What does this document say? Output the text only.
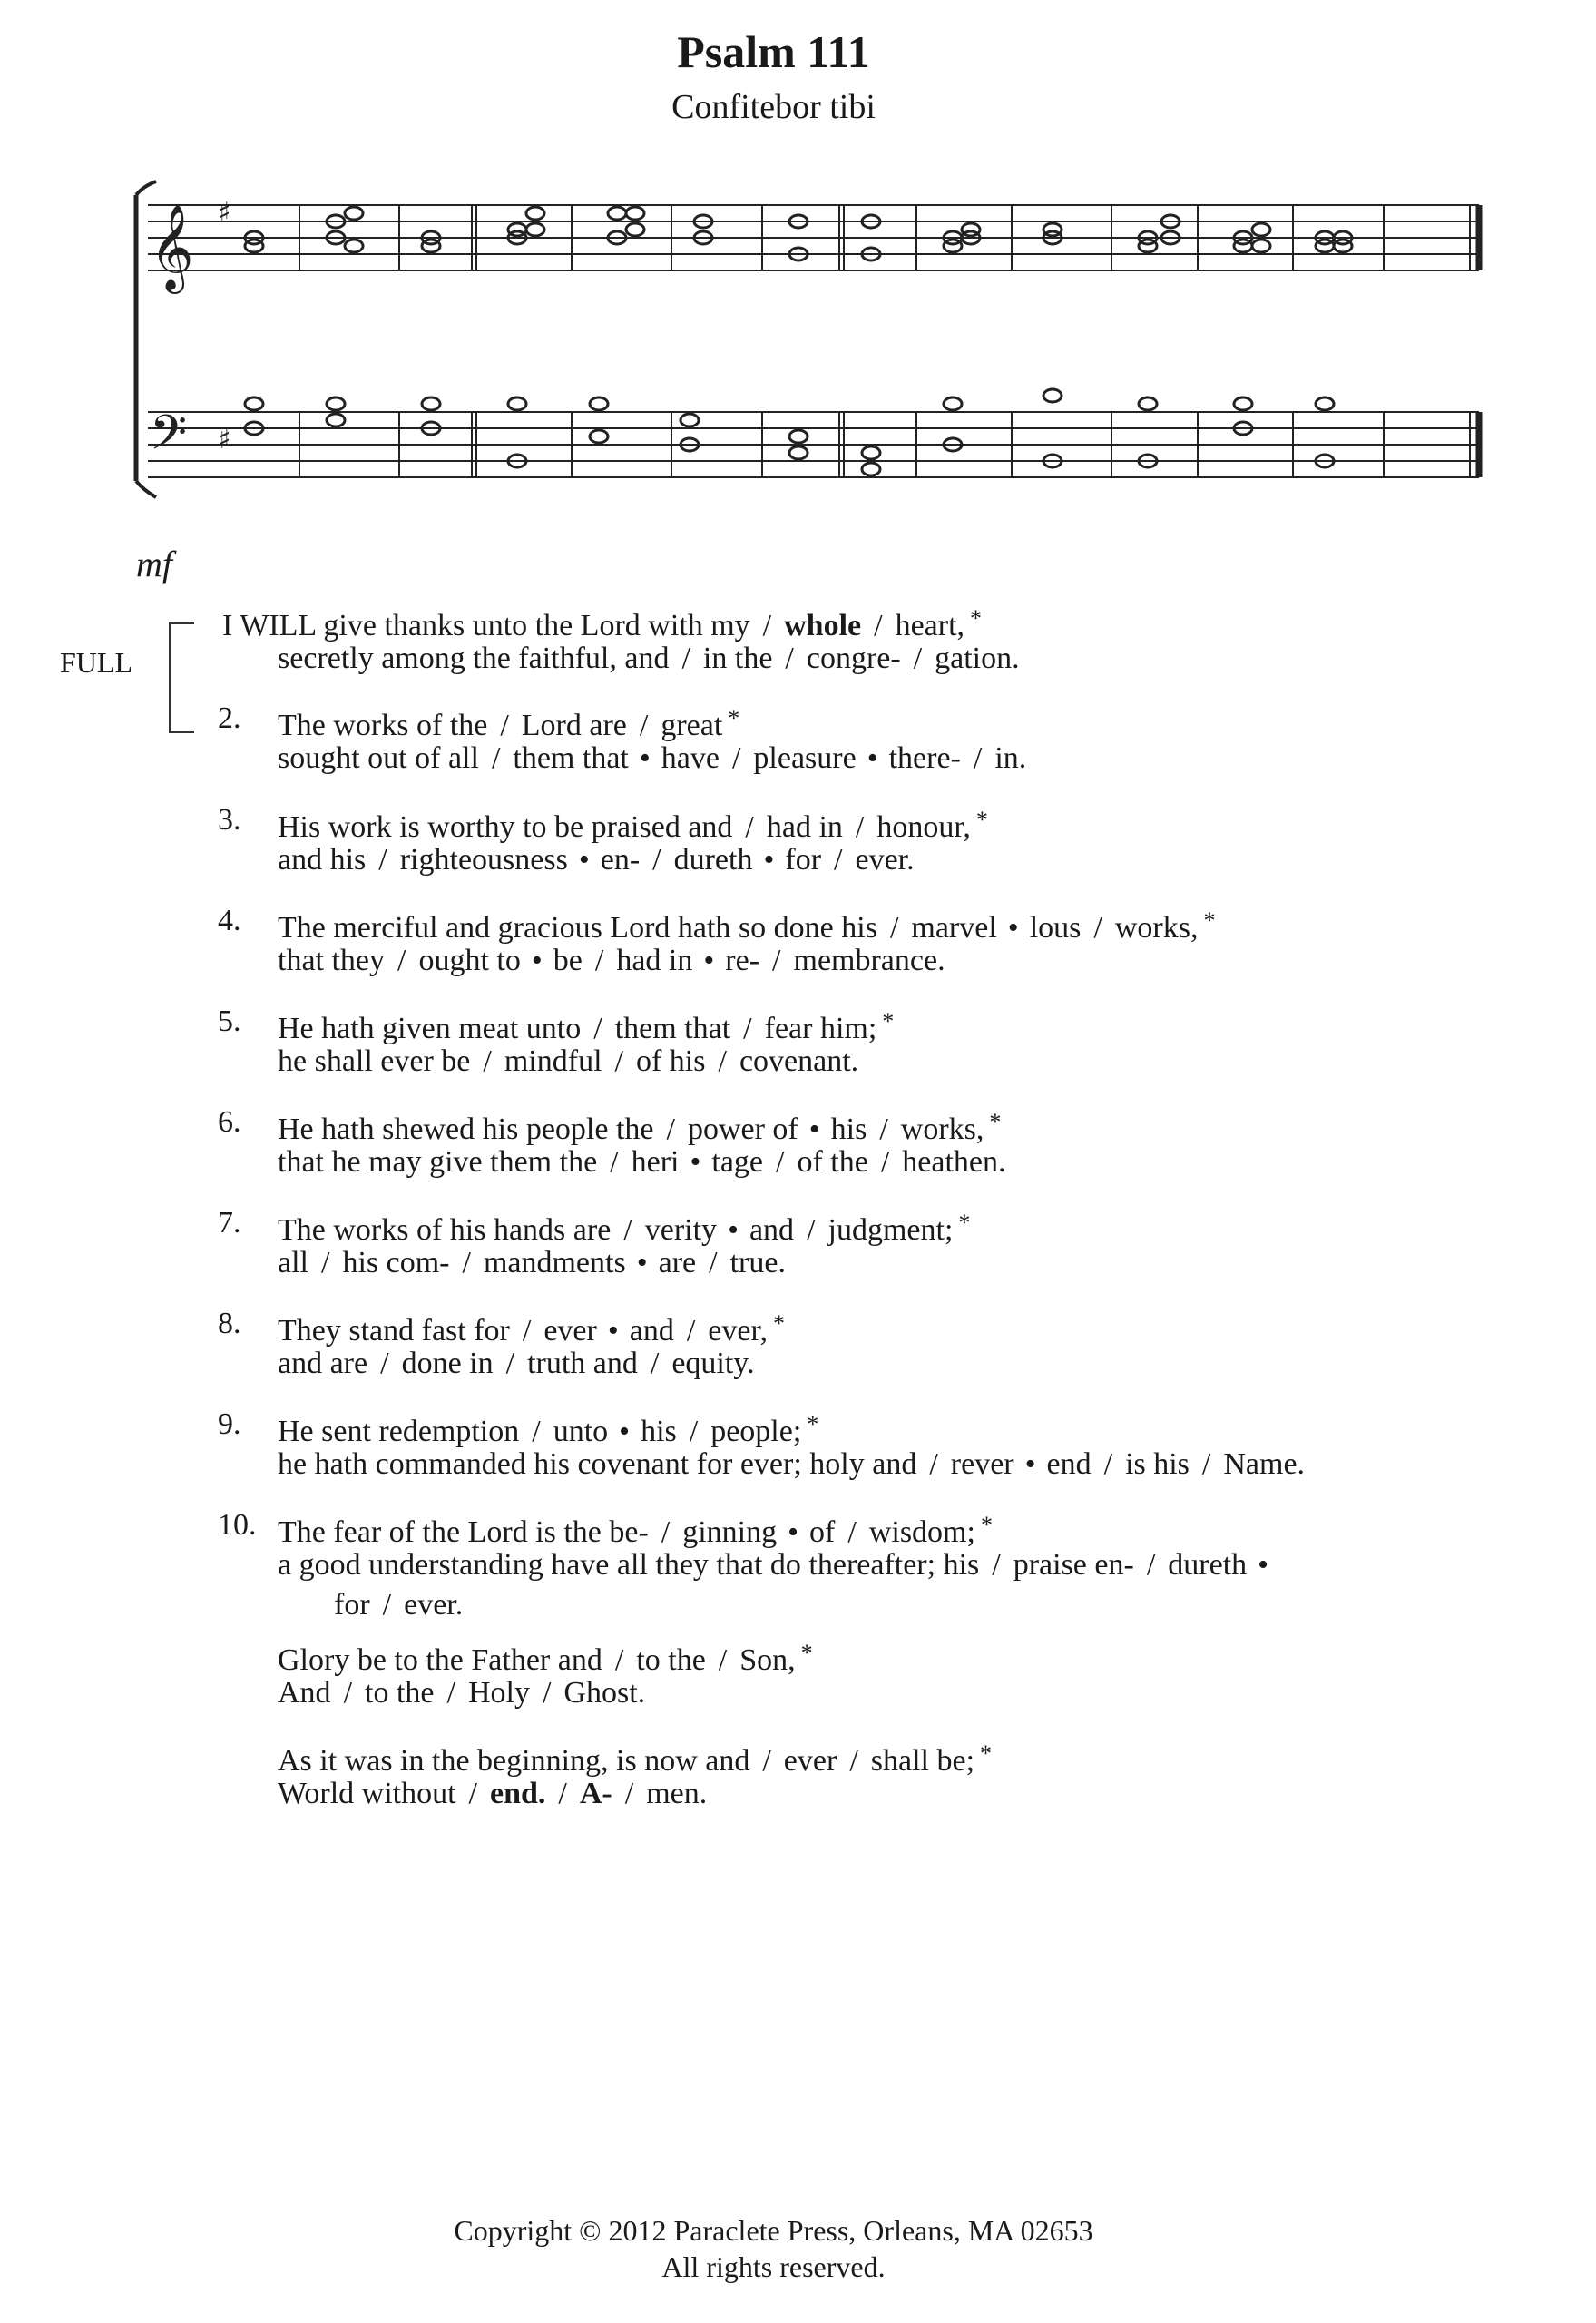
Psalm 111
Confitebor tibi
𝄞
𝄢
♯
♯
mf
FULL
I WILL give thanks unto the Lord with my / whole / heart, *
secretly among the faithful, and / in the / congre- / gation.
2.	The works of the / Lord are / great *
sought out of all / them that • have / pleasure • there- / in.
3.	His work is worthy to be praised and / had in / honour, *
and his / righteousness • en- / dureth • for / ever.
4.	The merciful and gracious Lord hath so done his / marvel • lous / works, *
that they / ought to • be / had in • re- / membrance.
5.	He hath given meat unto / them that / fear him; *
he shall ever be / mindful / of his / covenant.
6.	He hath shewed his people the / power of • his / works, *
that he may give them the / heri • tage / of the / heathen.
7.	The works of his hands are / verity • and / judgment; *
all / his com- / mandments • are / true.
8.	They stand fast for / ever • and / ever, *
and are / done in / truth and / equity.
9.	He sent redemption / unto • his / people; *
he hath commanded his covenant for ever; holy and / rever • end / is his / Name.
10. The fear of the Lord is the be- / ginning • of / wisdom; *
a good understanding have all they that do thereafter; his / praise en- / dureth •
for / ever.
Glory be to the Father and / to the / Son, *
And / to the / Holy / Ghost.
As it was in the beginning, is now and / ever / shall be; *
World without / end. / A- / men.
Copyright © 2012 Paraclete Press, Orleans, MA 02653
All rights reserved.
